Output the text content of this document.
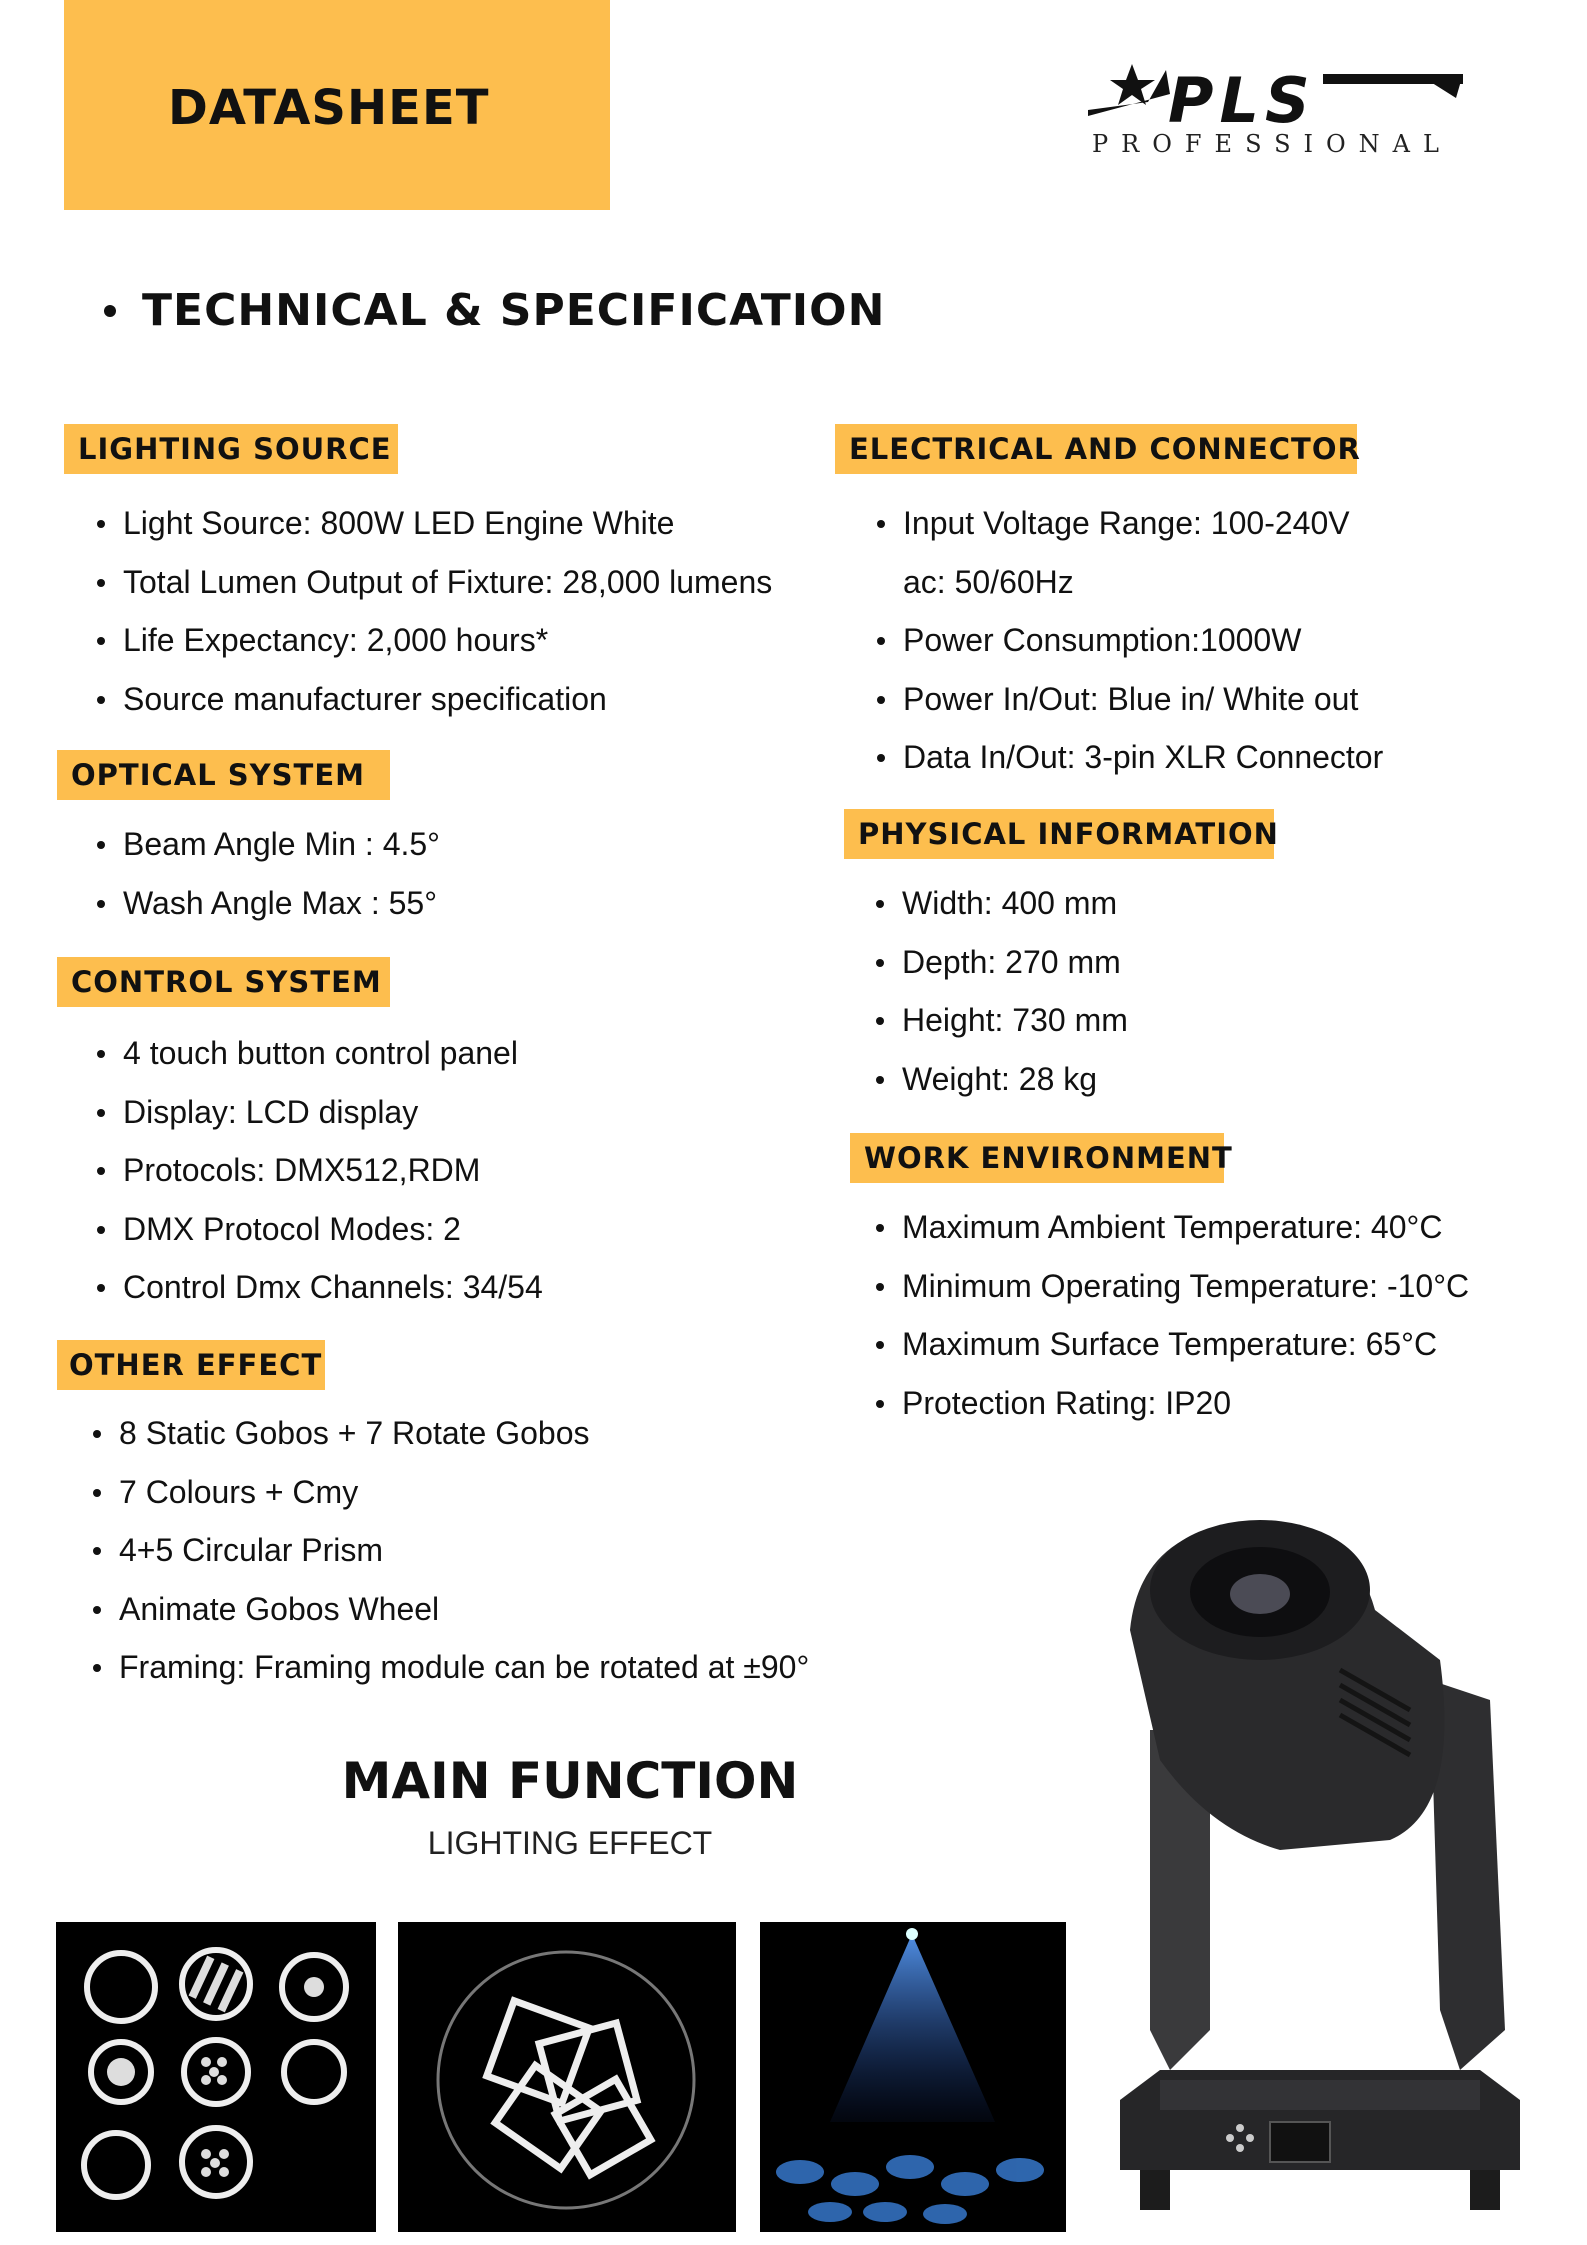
DATASHEET	PLS
PROFESSIONAL
TECHNICAL & SPECIFICATION
LIGHTING SOURCE
Light Source: 800W LED Engine White
Total Lumen Output of Fixture: 28,000 lumens
Life Expectancy: 2,000 hours*
Source manufacturer specification
OPTICAL SYSTEM
Beam Angle Min : 4.5°
Wash Angle Max : 55°
CONTROL SYSTEM
4 touch button control panel
Display: LCD display
Protocols: DMX512,RDM
DMX Protocol Modes: 2
Control Dmx Channels: 34/54
OTHER EFFECT
8 Static Gobos + 7 Rotate Gobos
7 Colours + Cmy
4+5 Circular Prism
Animate Gobos Wheel
Framing: Framing module can be rotated at ±90°
ELECTRICAL AND CONNECTOR
Input Voltage Range: 100-240V
ac: 50/60Hz
Power Consumption:1000W
Power In/Out: Blue in/ White out
Data In/Out: 3-pin XLR Connector
PHYSICAL INFORMATION
Width: 400 mm
Depth: 270 mm
Height: 730 mm
Weight: 28 kg
WORK ENVIRONMENT
Maximum Ambient Temperature: 40°C
Minimum Operating Temperature: -10°C
Maximum Surface Temperature: 65°C
Protection Rating: IP20
MAIN FUNCTION
LIGHTING EFFECT
